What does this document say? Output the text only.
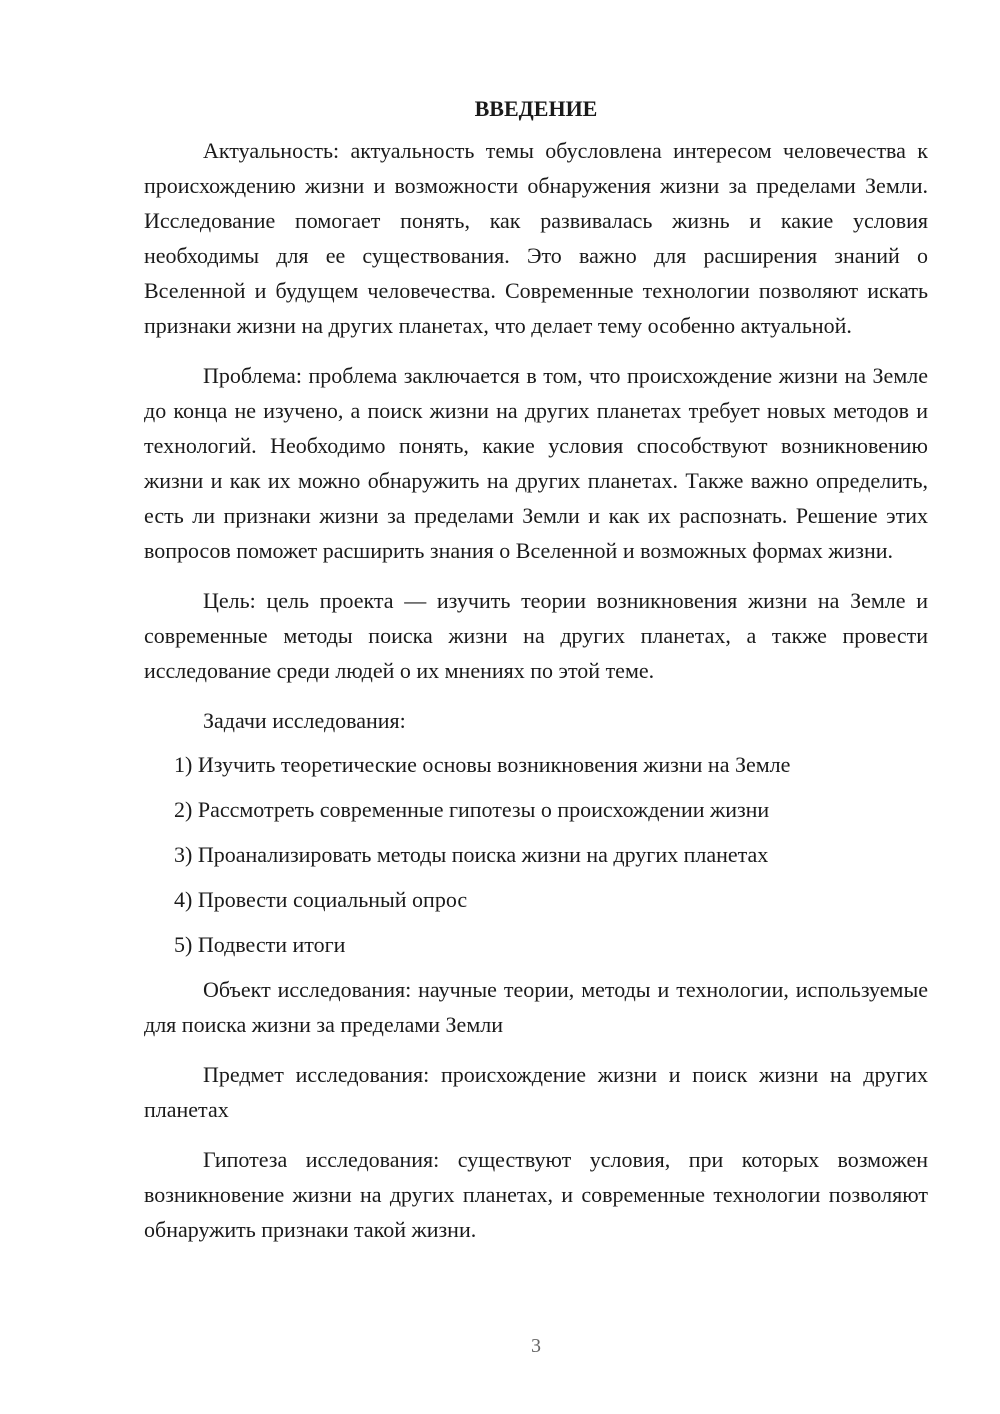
ВВЕДЕНИЕ

Актуальность: актуальность темы обусловлена интересом человечества к происхождению жизни и возможности обнаружения жизни за пределами Земли. Исследование помогает понять, как развивалась жизнь и какие условия необходимы для ее существования. Это важно для расширения знаний о Вселенной и будущем человечества. Современные технологии позволяют искать признаки жизни на других планетах, что делает тему особенно актуальной.

Проблема: проблема заключается в том, что происхождение жизни на Земле до конца не изучено, а поиск жизни на других планетах требует новых методов и технологий. Необходимо понять, какие условия способствуют возникновению жизни и как их можно обнаружить на других планетах. Также важно определить, есть ли признаки жизни за пределами Земли и как их распознать. Решение этих вопросов поможет расширить знания о Вселенной и возможных формах жизни.

Цель: цель проекта — изучить теории возникновения жизни на Земле и современные методы поиска жизни на других планетах, а также провести исследование среди людей о их мнениях по этой теме.

Задачи исследования:

1) Изучить теоретические основы возникновения жизни на Земле
2) Рассмотреть современные гипотезы о происхождении жизни
3) Проанализировать методы поиска жизни на других планетах
4) Провести социальный опрос
5) Подвести итоги

Объект исследования: научные теории, методы и технологии, используемые для поиска жизни за пределами Земли

Предмет исследования: происхождение жизни и поиск жизни на других планетах

Гипотеза исследования: существуют условия, при которых возможен возникновение жизни на других планетах, и современные технологии позволяют обнаружить признаки такой жизни.

3
